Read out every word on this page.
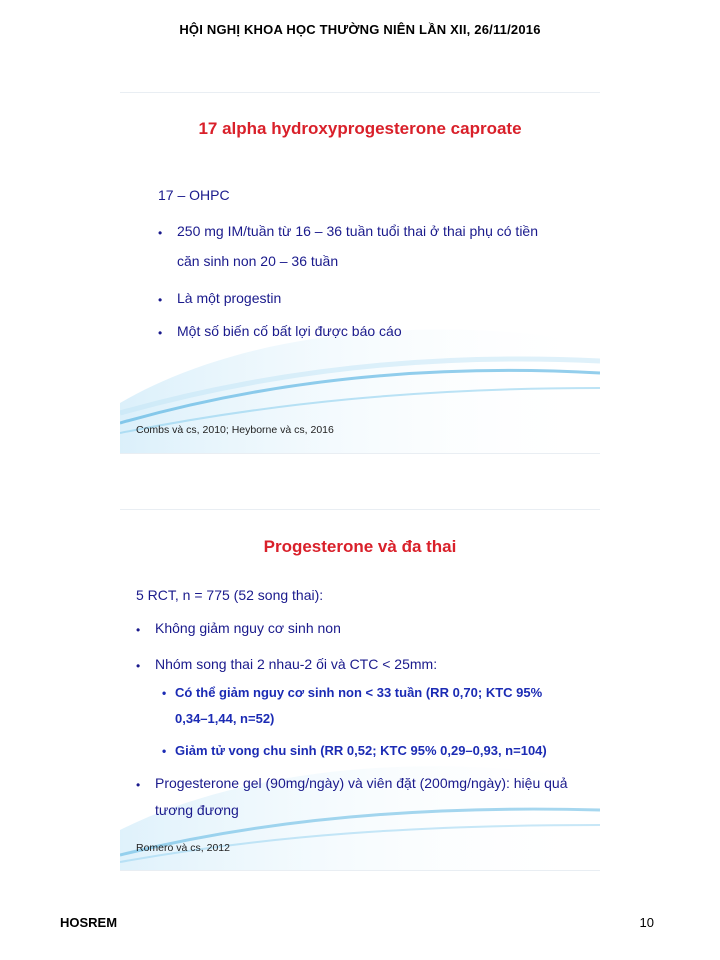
HỘI NGHỊ KHOA HỌC THƯỜNG NIÊN LẦN XII, 26/11/2016
17 alpha hydroxyprogesterone caproate
17 – OHPC
• 250 mg IM/tuần từ 16 – 36 tuần tuổi thai ở thai phụ có tiền
căn sinh non 20 – 36 tuần
• Là một progestin
• Một số biến cố bất lợi được báo cáo
Combs và cs, 2010; Heyborne và cs, 2016
Progesterone và đa thai
5 RCT, n = 775 (52 song thai):
• Không giảm nguy cơ sinh non
• Nhóm song thai 2 nhau-2 ối và CTC < 25mm:
• Có thể giảm nguy cơ sinh non < 33 tuần (RR 0,70; KTC 95%
0,34–1,44, n=52)
• Giảm tử vong chu sinh (RR 0,52; KTC 95% 0,29–0,93, n=104)
• Progesterone gel (90mg/ngày) và viên đặt (200mg/ngày): hiệu quả
tương đương
Romero và cs, 2012
HOSREM	10
